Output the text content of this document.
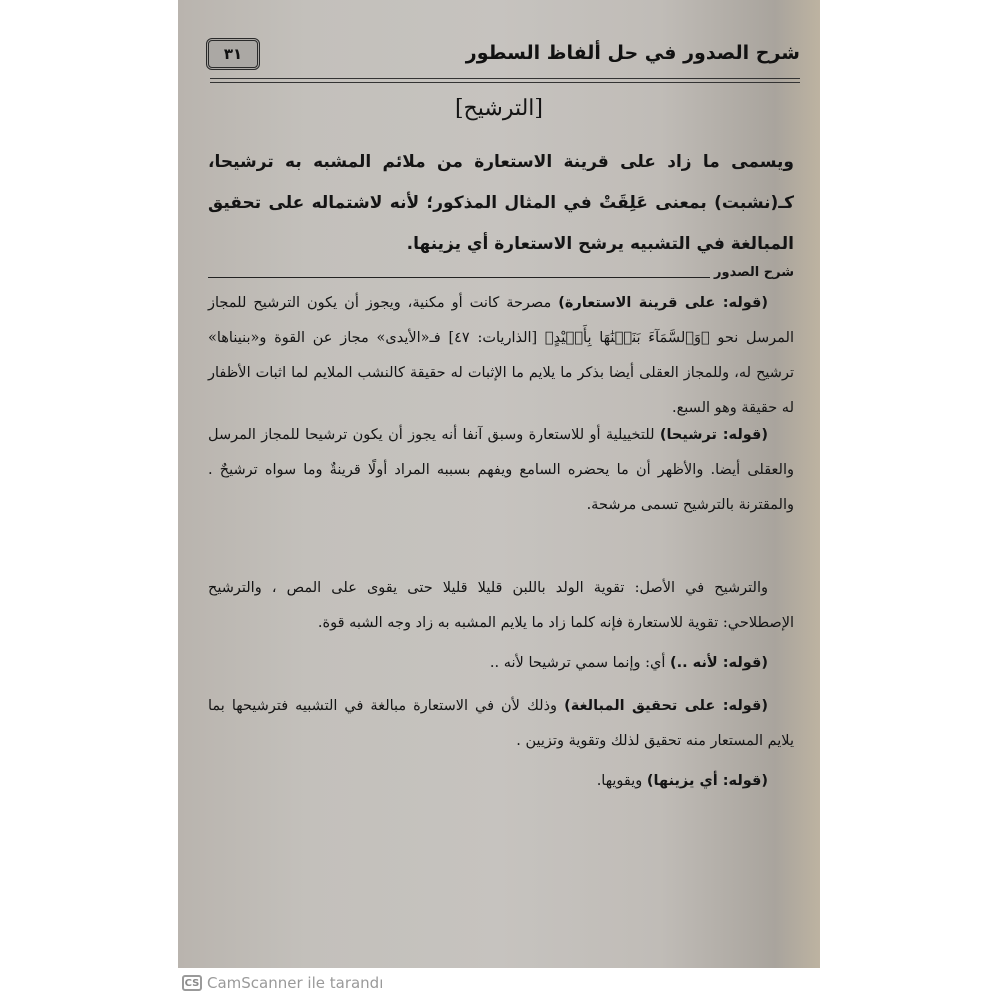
شرح الصدور في حل ألفاظ السطور
٣١
[الترشيح]
ويسمى ما زاد على قرينة الاستعارة من ملائم المشبه به ترشيحا، كـ(نشبت) بمعنى عَلِقَتْ في المثال المذكور؛ لأنه لاشتماله على تحقيق المبالغة في التشبيه يرشح الاستعارة أي يزينها.
شرح الصدور

(قوله: على قرينة الاستعارة) مصرحة كانت أو مكنية، ويجوز أن يكون الترشيح للمجاز المرسل نحو ﴿وَٱلسَّمَآءَ بَنَيۡنَٰهَا بِأَيۡيْدٍ﴾ [الذاريات: ٤٧] فـ«الأيدى» مجاز عن القوة و«بنيناها» ترشيح له، وللمجاز العقلى أيضا بذكر ما يلايم ما الإثبات له حقيقة كالنشب الملايم لما اثبات الأظفار له حقيقة وهو السبع.

(قوله: ترشيحا) للتخييلية أو للاستعارة وسبق آنفا أنه يجوز أن يكون ترشيحا للمجاز المرسل والعقلى أيضا. والأظهر أن ما يحضره السامع ويفهم بسببه المراد أولًا قرينةٌ وما سواه ترشيحٌ . والمقترنة بالترشيح تسمى مرشحة.

والترشيح في الأصل: تقوية الولد باللبن قليلا قليلا حتى يقوى على المص ، والترشيح الإصطلاحي: تقوية للاستعارة فإنه كلما زاد ما يلايم المشبه به زاد وجه الشبه قوة.

(قوله: لأنه ..) أي: وإنما سمي ترشيحا لأنه ..

(قوله: على تحقيق المبالغة) وذلك لأن في الاستعارة مبالغة في التشبيه فترشيحها بما يلايم المستعار منه تحقيق لذلك وتقوية وتزيين .

(قوله: أي يزينها) ويقويها.

CS CamScanner ile tarandı
